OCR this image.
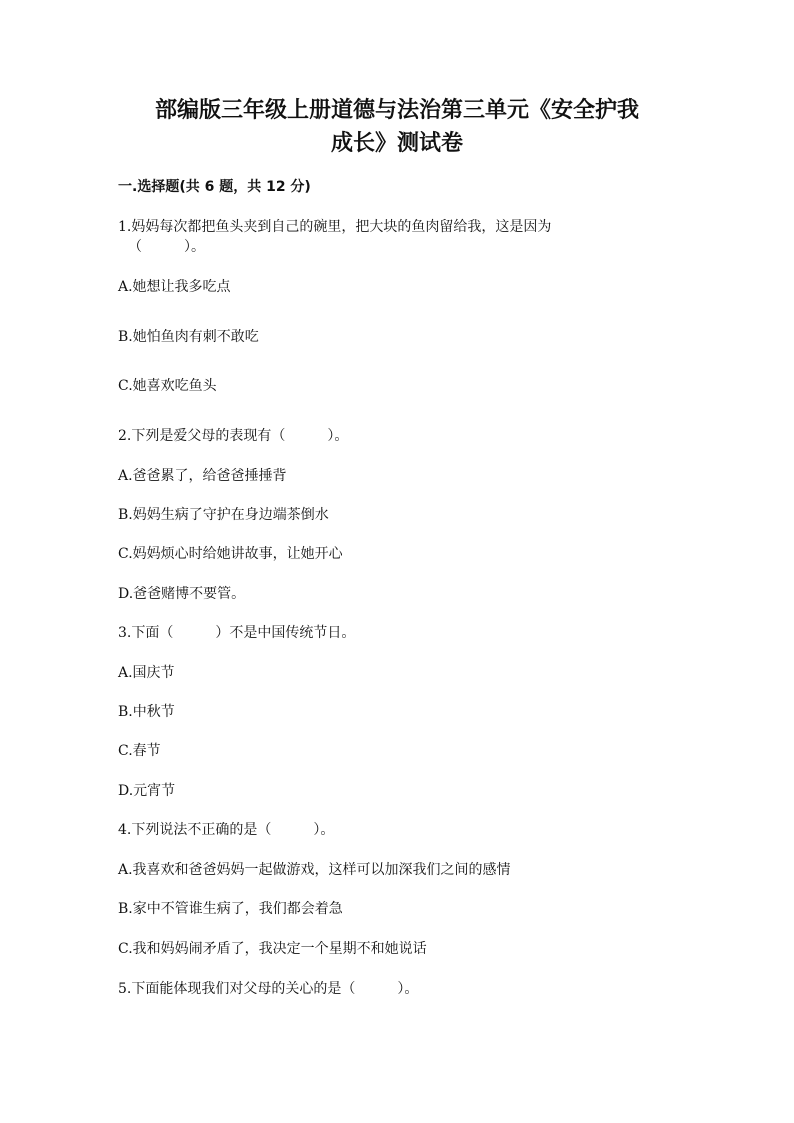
部编版三年级上册道德与法治第三单元《安全护我
成长》测试卷
一.选择题(共 6 题，共 12 分)
1.妈妈每次都把鱼头夹到自己的碗里，把大块的鱼肉留给我，这是因为
（　　　）。
A.她想让我多吃点
B.她怕鱼肉有刺不敢吃
C.她喜欢吃鱼头
2.下列是爱父母的表现有（　　　）。
A.爸爸累了，给爸爸捶捶背
B.妈妈生病了守护在身边端茶倒水
C.妈妈烦心时给她讲故事，让她开心
D.爸爸赌博不要管。
3.下面（　　　）不是中国传统节日。
A.国庆节
B.中秋节
C.春节
D.元宵节
4.下列说法不正确的是（　　　）。
A.我喜欢和爸爸妈妈一起做游戏，这样可以加深我们之间的感情
B.家中不管谁生病了，我们都会着急
C.我和妈妈闹矛盾了，我决定一个星期不和她说话
5.下面能体现我们对父母的关心的是（　　　）。
